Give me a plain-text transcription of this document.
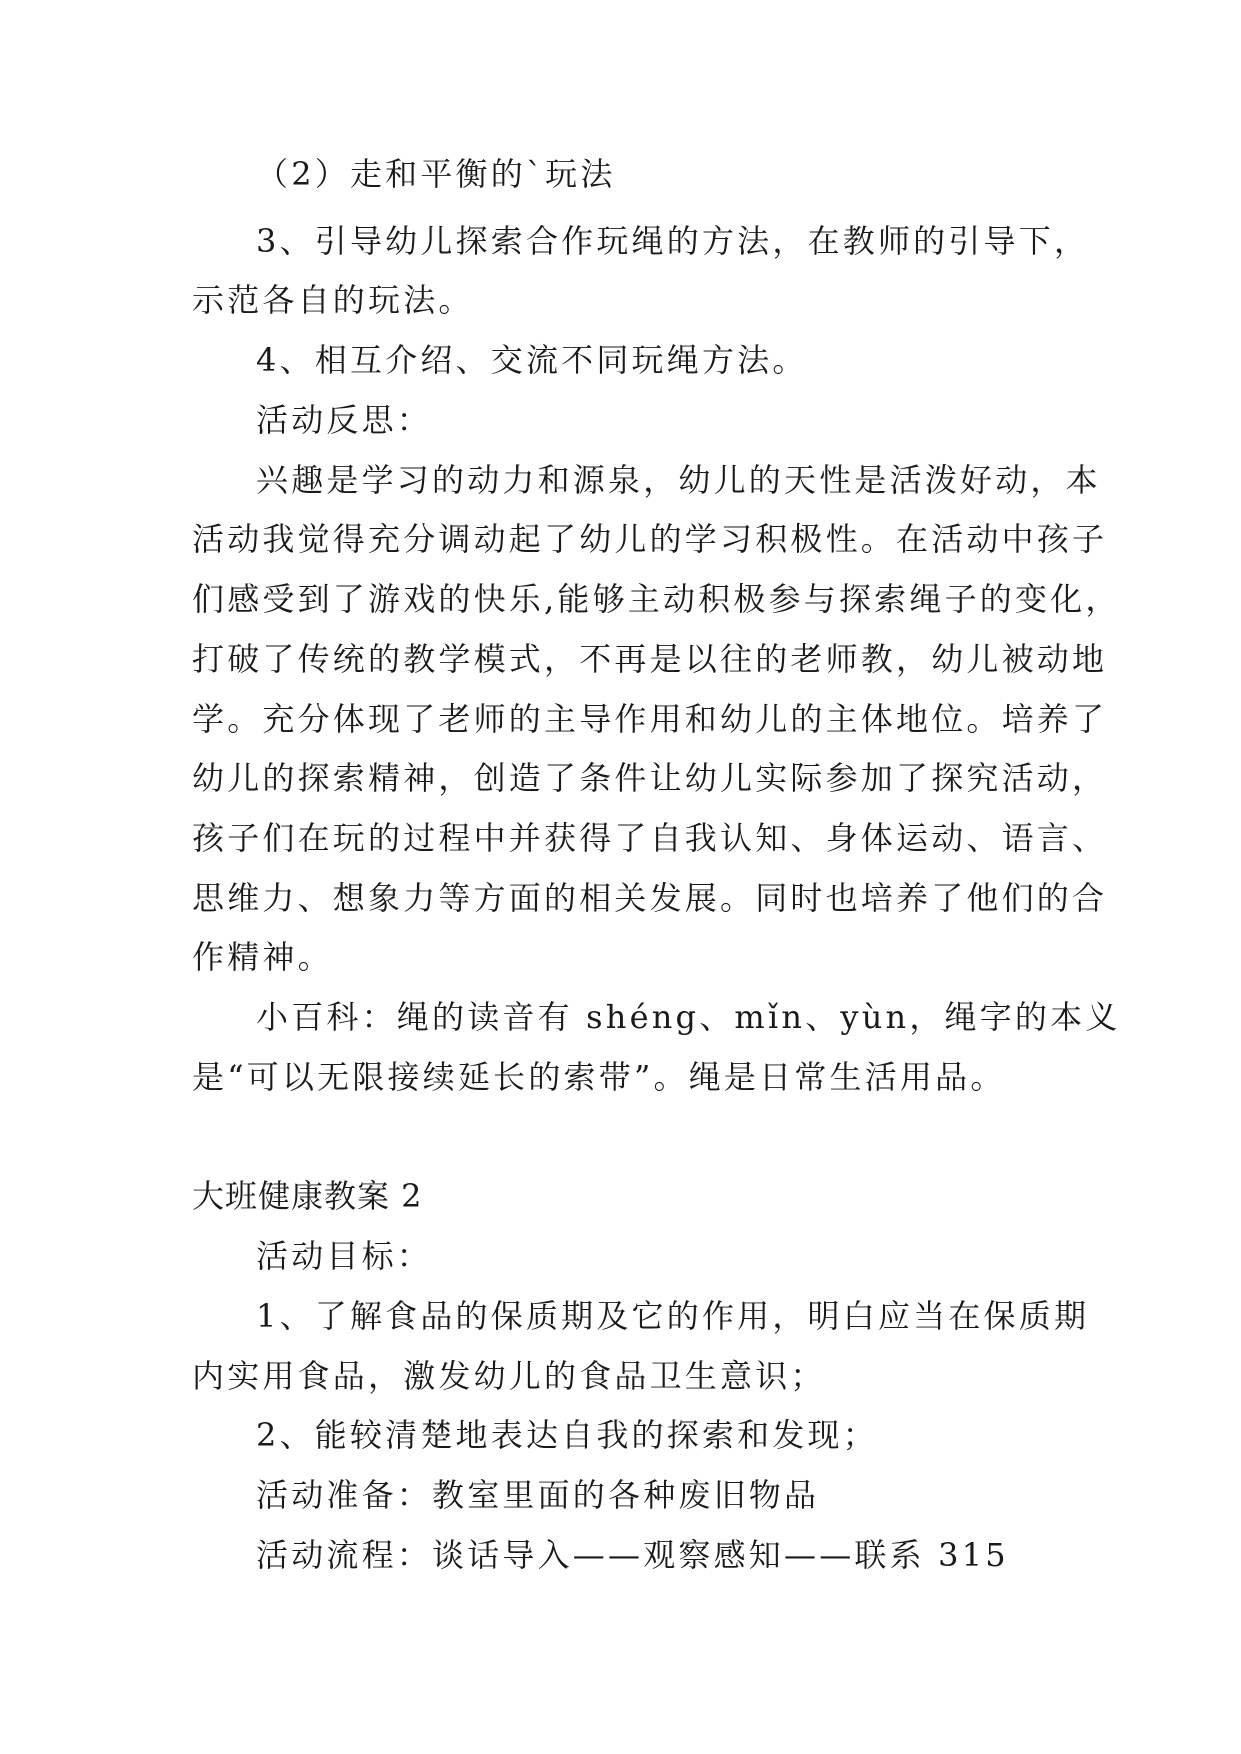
（2）走和平衡的`玩法
3、引导幼儿探索合作玩绳的方法，在教师的引导下，
示范各自的玩法。
4、相互介绍、交流不同玩绳方法。
活动反思：
兴趣是学习的动力和源泉，幼儿的天性是活泼好动，本
活动我觉得充分调动起了幼儿的学习积极性。在活动中孩子
们感受到了游戏的快乐,能够主动积极参与探索绳子的变化，
打破了传统的教学模式，不再是以往的老师教，幼儿被动地
学。充分体现了老师的主导作用和幼儿的主体地位。培养了
幼儿的探索精神，创造了条件让幼儿实际参加了探究活动，
孩子们在玩的过程中并获得了自我认知、身体运动、语言、
思维力、想象力等方面的相关发展。同时也培养了他们的合
作精神。
小百科：绳的读音有 shéng、mǐn、yùn，绳字的本义
是“可以无限接续延长的索带”。绳是日常生活用品。
大班健康教案 2
活动目标：
1、了解食品的保质期及它的作用，明白应当在保质期
内实用食品，激发幼儿的食品卫生意识；
2、能较清楚地表达自我的探索和发现；
活动准备：教室里面的各种废旧物品
活动流程：谈话导入——观察感知——联系 315
